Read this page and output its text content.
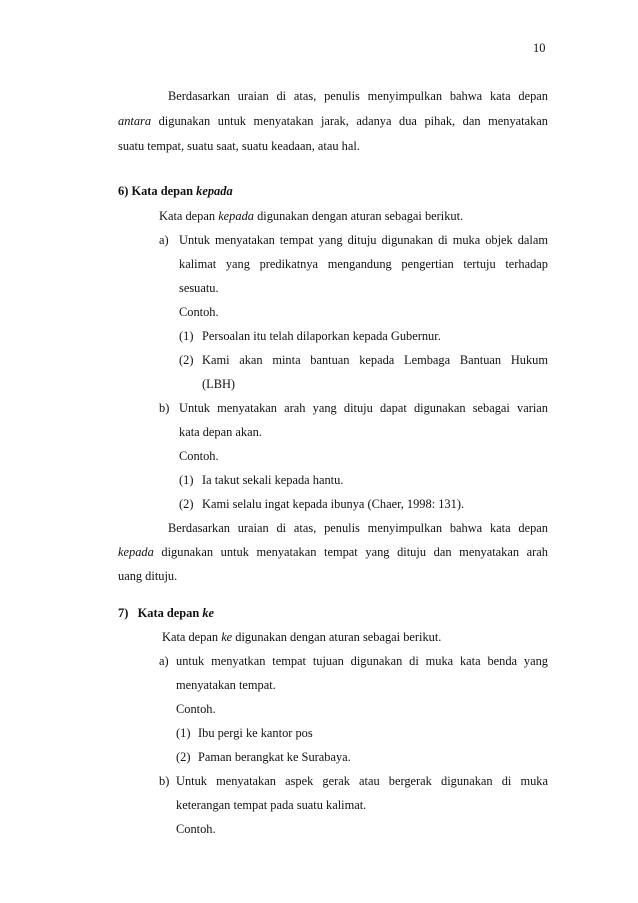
10
Berdasarkan uraian di atas, penulis menyimpulkan bahwa kata depan
antara digunakan untuk menyatakan jarak, adanya dua pihak, dan menyatakan
suatu tempat, suatu saat, suatu keadaan, atau hal.
6) Kata depan kepada
Kata depan kepada digunakan dengan aturan sebagai berikut.
a) Untuk menyatakan tempat yang dituju digunakan di muka objek dalam
kalimat yang predikatnya mengandung pengertian tertuju terhadap
sesuatu.
Contoh.
(1) Persoalan itu telah dilaporkan kepada Gubernur.
(2) Kami akan minta bantuan kepada Lembaga Bantuan Hukum
(LBH)
b) Untuk menyatakan arah yang dituju dapat digunakan sebagai varian
kata depan akan.
Contoh.
(1) Ia takut sekali kepada hantu.
(2) Kami selalu ingat kepada ibunya (Chaer, 1998: 131).
Berdasarkan uraian di atas, penulis menyimpulkan bahwa kata depan
kepada digunakan untuk menyatakan tempat yang dituju dan menyatakan arah
uang dituju.
7) Kata depan ke
Kata depan ke digunakan dengan aturan sebagai berikut.
a) untuk menyatkan tempat tujuan digunakan di muka kata benda yang
menyatakan tempat.
Contoh.
(1) Ibu pergi ke kantor pos
(2) Paman berangkat ke Surabaya.
b) Untuk menyatakan aspek gerak atau bergerak digunakan di muka
keterangan tempat pada suatu kalimat.
Contoh.
